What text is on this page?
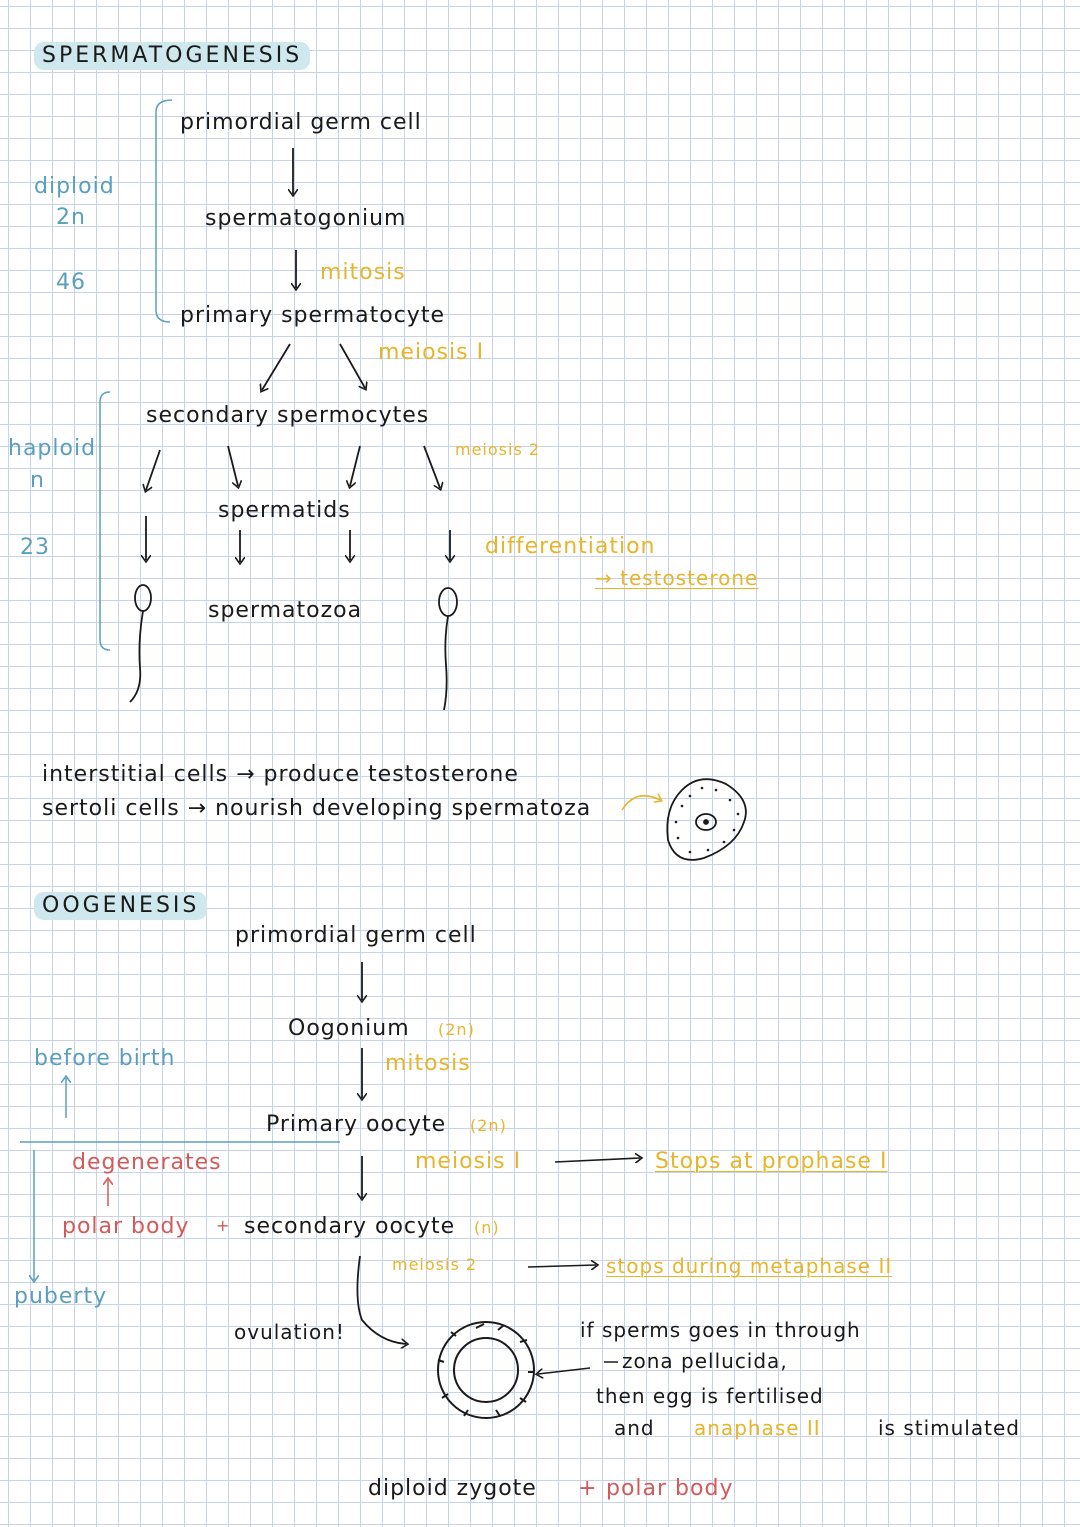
SPERMATOGENESIS
diploid
2n
46
primordial germ cell
spermatogonium
mitosis
primary spermatocyte
meiosis I
haploid
n
23
secondary spermocytes
meiosis 2
spermatids
differentiation
→ testosterone
spermatozoa
interstitial cells → produce testosterone
sertoli cells → nourish developing spermatoza
OOGENESIS
primordial germ cell
Oogonium (2n)
mitosis
before birth
Primary oocyte (2n)
meiosis I	Stops at prophase I
degenerates
polar body + secondary oocyte (n)
meiosis 2	stops during metaphase II
puberty
ovulation!	if sperms goes in through
zona pellucida,
then egg is fertilised
and anaphase II	is stimulated
diploid zygote + polar body
